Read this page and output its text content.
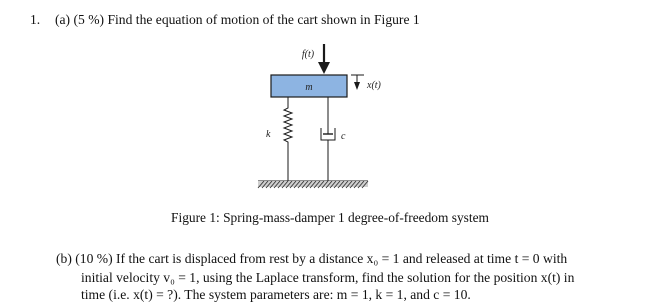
1. (a) (5 %) Find the equation of motion of the cart shown in Figure 1
f(t)
m	x(t)
k	c
Figure 1: Spring-mass-damper 1 degree-of-freedom system
(b) (10 %) If the cart is displaced from rest by a distance x₀ = 1 and released at time t = 0 with
initial velocity v₀ = 1, using the Laplace transform, find the solution for the position x(t) in
time (i.e. x(t) = ?). The system parameters are: m = 1, k = 1, and c = 10.
